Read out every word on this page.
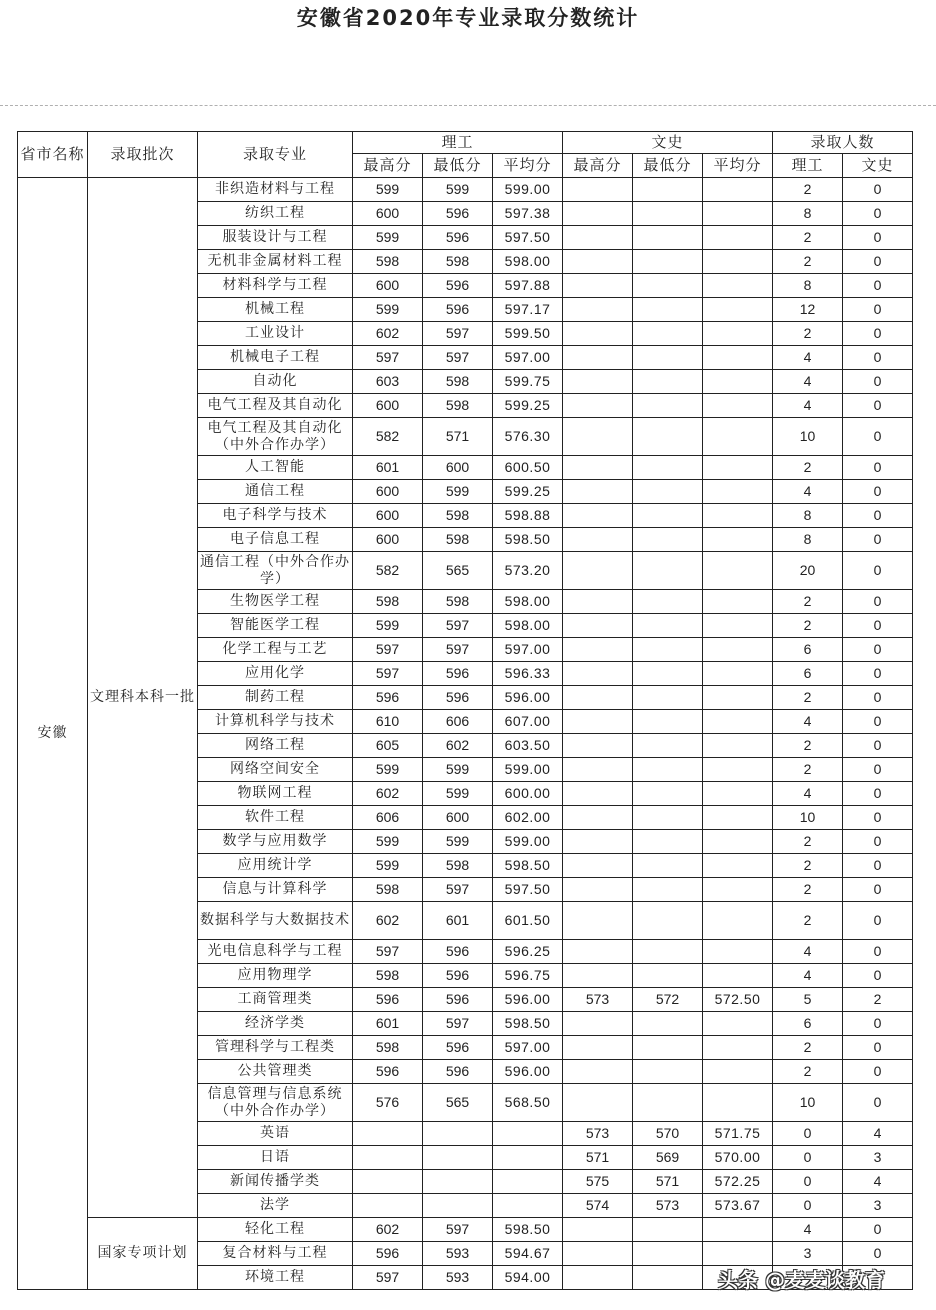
安徽省2020年专业录取分数统计
省市名称	录取批次	录取专业	理工			文史			录取人数	
			最高分	最低分	平均分	最高分	最低分	平均分	理工	文史
安徽	文理科本科一批	非织造材料与工程	599	599	599.00				2	0
		纺织工程	600	596	597.38				8	0
		服装设计与工程	599	596	597.50				2	0
		无机非金属材料工程	598	598	598.00				2	0
		材料科学与工程	600	596	597.88				8	0
		机械工程	599	596	597.17				12	0
		工业设计	602	597	599.50				2	0
		机械电子工程	597	597	597.00				4	0
		自动化	603	598	599.75				4	0
		电气工程及其自动化	600	598	599.25				4	0
		电气工程及其自动化（中外合作办学）	582	571	576.30				10	0
		人工智能	601	600	600.50				2	0
		通信工程	600	599	599.25				4	0
		电子科学与技术	600	598	598.88				8	0
		电子信息工程	600	598	598.50				8	0
		通信工程（中外合作办学）	582	565	573.20				20	0
		生物医学工程	598	598	598.00				2	0
		智能医学工程	599	597	598.00				2	0
		化学工程与工艺	597	597	597.00				6	0
		应用化学	597	596	596.33				6	0
		制药工程	596	596	596.00				2	0
		计算机科学与技术	610	606	607.00				4	0
		网络工程	605	602	603.50				2	0
		网络空间安全	599	599	599.00				2	0
		物联网工程	602	599	600.00				4	0
		软件工程	606	600	602.00				10	0
		数学与应用数学	599	599	599.00				2	0
		应用统计学	599	598	598.50				2	0
		信息与计算科学	598	597	597.50				2	0
		数据科学与大数据技术	602	601	601.50				2	0
		光电信息科学与工程	597	596	596.25				4	0
		应用物理学	598	596	596.75				4	0
		工商管理类	596	596	596.00	573	572	572.50	5	2
		经济学类	601	597	598.50				6	0
		管理科学与工程类	598	596	597.00				2	0
		公共管理类	596	596	596.00				2	0
		信息管理与信息系统（中外合作办学）	576	565	568.50				10	0
		英语				573	570	571.75	0	4
		日语				571	569	570.00	0	3
		新闻传播学类				575	571	572.25	0	4
		法学				574	573	573.67	0	3
	国家专项计划	轻化工程	602	597	598.50				4	0
		复合材料与工程	596	593	594.67				3	0
		环境工程	597	593	594.00						头条 @麦麦谈教育
